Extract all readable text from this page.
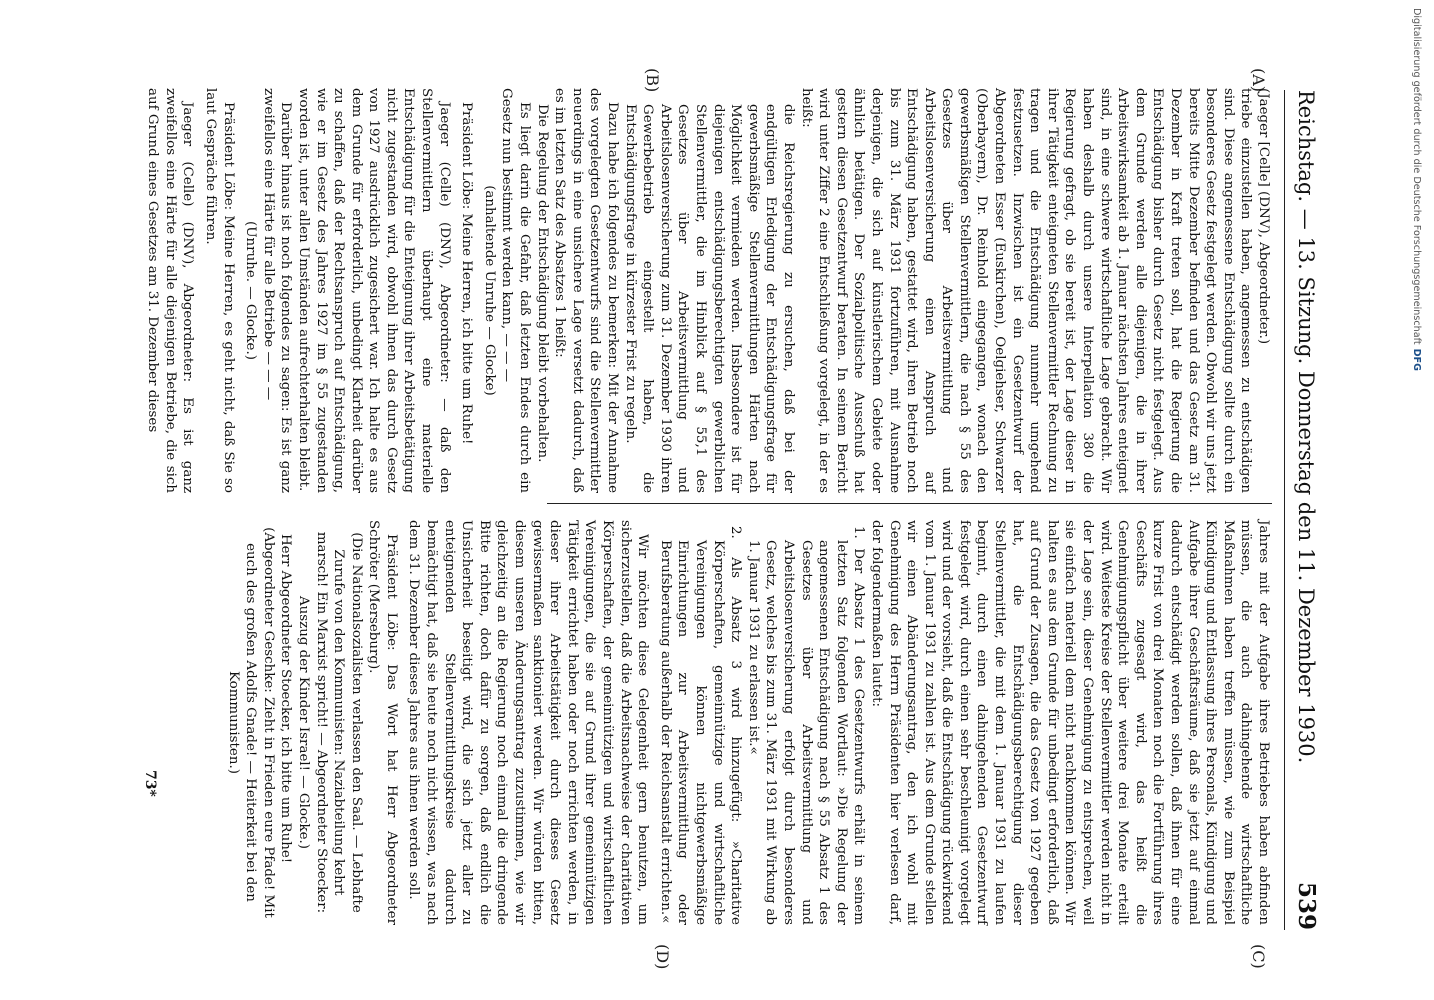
Reichstag. — 13. Sitzung. Donnerstag den 11. Dezember 1930.
539
(A)
(B)
(C)
(D)

(Jaeger [Celle] (DNV), Abgeordneter.)

triebe einzustellen haben, angemessen zu entschädigen sind. Diese angemessene Entschädigung sollte durch ein besonderes Gesetz festgelegt werden. Obwohl wir uns jetzt bereits Mitte Dezember befinden und das Gesetz am 31. Dezember in Kraft treten soll, hat die Regierung die Entschädigung bisher durch Gesetz nicht festgelegt. Aus dem Grunde werden alle diejenigen, die in ihrer Arbeitswirksamkeit ab 1. Januar nächsten Jahres enteignet sind, in eine schwere wirtschaftliche Lage gebracht. Wir haben deshalb durch unsere Interpellation 380 die Regierung gefragt, ob sie bereit ist, der Lage dieser in ihrer Tätigkeit enteigneten Stellenvermittler Rechnung zu tragen und die Entschädigung nunmehr umgehend festzusetzen. Inzwischen ist ein Gesetzentwurf der Abgeordneten Esser (Euskirchen), Oelgiehser, Schwarzer (Oberbayern), Dr. Reinhold eingegangen, wonach den gewerbsmäßigen Stellenvermittlern, die nach § 55 des Gesetzes über Arbeitsvermittlung und Arbeitslosenversicherung einen Anspruch auf Entschädigung haben, gestattet wird, ihren Betrieb noch bis zum 31. März 1931 fortzuführen, mit Ausnahme derjenigen, die sich auf künstlerischem Gebiete oder ähnlich betätigen. Der Sozialpolitische Ausschuß hat gestern diesen Gesetzentwurf beraten. In seinem Bericht wird unter Ziffer 2 eine Entschließung vorgelegt, in der es heißt:

die Reichsregierung zu ersuchen, daß bei der endgültigen Erledigung der Entschädigungsfrage für gewerbsmäßige Stellenvermittlungen Härten nach Möglichkeit vermieden werden. Insbesondere ist für diejenigen entschädigungsberechtigten gewerblichen Stellenvermittler, die im Hinblick auf § 55,1 des Gesetzes über Arbeitsvermittlung und Arbeitslosenversicherung zum 31. Dezember 1930 ihren Gewerbebetrieb eingestellt haben, die Entschädigungsfrage in kürzester Frist zu regeln.

Dazu habe ich folgendes zu bemerken: Mit der Annahme des vorgelegten Gesetzentwurfs sind die Stellenvermittler neuerdings in eine unsichere Lage versetzt dadurch, daß es im letzten Satz des Absatzes 1 heißt:

Die Regelung der Entschädigung bleibt vorbehalten.

Es liegt darin die Gefahr, daß letzten Endes durch ein Gesetz nun bestimmt werden kann, — — —

(anhaltende Unruhe — Glocke)

Präsident Löbe: Meine Herren, ich bitte um Ruhe!

Jaeger (Celle) (DNV), Abgeordneter: — daß den Stellenvermittlern überhaupt eine materielle Entschädigung für die Enteignung ihrer Arbeitsbetätigung nicht zugestanden wird, obwohl ihnen das durch Gesetz von 1927 ausdrücklich zugesichert war. Ich halte es aus dem Grunde für erforderlich, unbedingt Klarheit darüber zu schaffen, daß der Rechtsanspruch auf Entschädigung, wie er im Gesetz des Jahres 1927 im § 55 zugestanden worden ist, unter allen Umständen aufrechterhalten bleibt.

Darüber hinaus ist noch folgendes zu sagen: Es ist ganz zweifellos eine Härte für alle Betriebe — — —

(Unruhe. — Glocke.)

Präsident Löbe: Meine Herren, es geht nicht, daß Sie so laut Gespräche führen.

Jaeger (Celle) (DNV), Abgeordneter: Es ist ganz zweifellos eine Härte für alle diejenigen Betriebe, die sich auf Grund eines Gesetzes am 31. Dezember dieses

Jahres mit der Aufgabe ihres Betriebes haben abfinden müssen, die auch dahingehende wirtschaftliche Maßnahmen haben treffen müssen, wie zum Beispiel Kündigung und Entlassung ihres Personals, Kündigung und Aufgabe ihrer Geschäftsräume, daß sie jetzt auf einmal dadurch entschädigt werden sollen, daß ihnen für eine kurze Frist von drei Monaten noch die Fortführung ihres Geschäfts zugesagt wird, das heißt die Genehmigungspflicht über weitere drei Monate erteilt wird. Weiteste Kreise der Stellenvermittler werden nicht in der Lage sein, dieser Genehmigung zu entsprechen, weil sie einfach materiell dem nicht nachkommen können. Wir halten es aus dem Grunde für unbedingt erforderlich, daß auf Grund der Zusagen, die das Gesetz von 1927 gegeben hat, die Entschädigungsberechtigung dieser Stellenvermittler, die mit dem 1. Januar 1931 zu laufen beginnt, durch einen dahingehenden Gesetzentwurf festgelegt wird, durch einen sehr beschleunigt vorgelegt wird und der vorsieht, daß die Entschädigung rückwirkend vom 1. Januar 1931 zu zahlen ist. Aus dem Grunde stellen wir einen Abänderungsantrag, den ich wohl mit Genehmigung des Herrn Präsidenten hier verlesen darf, der folgendermaßen lautet:

1. Der Absatz 1 des Gesetzentwurfs erhält in seinem letzten Satz folgenden Wortlaut: »Die Regelung der angemessenen Entschädigung nach § 55 Absatz 1 des Gesetzes über Arbeitsvermittlung und Arbeitslosenversicherung erfolgt durch besonderes Gesetz, welches bis zum 31. März 1931 mit Wirkung ab 1. Januar 1931 zu erlassen ist.«

2. Als Absatz 3 wird hinzugefügt: »Charitative Körperschaften, gemeinnützige und wirtschaftliche Vereinigungen können nichtgewerbsmäßige Einrichtungen zur Arbeitsvermittlung oder Berufsberatung außerhalb der Reichsanstalt errichten.«

Wir möchten diese Gelegenheit gern benutzen, um sicherzustellen, daß die Arbeitsnachweise der charitativen Körperschaften, der gemeinnützigen und wirtschaftlichen Vereinigungen, die sie auf Grund ihrer gemeinnützigen Tätigkeit errichtet haben oder noch errichten werden, in dieser ihrer Arbeitstätigkeit durch dieses Gesetz gewissermaßen sanktioniert werden. Wir würden bitten, diesem unseren Änderungsantrag zuzustimmen, wie wir gleichzeitig an die Regierung noch einmal die dringende Bitte richten, doch dafür zu sorgen, daß endlich die Unsicherheit beseitigt wird, die sich jetzt aller zu enteignenden Stellenvermittlungskreise dadurch bemächtigt hat, daß sie heute noch nicht wissen, was nach dem 31. Dezember dieses Jahres aus ihnen werden soll.

Präsident Löbe: Das Wort hat Herr Abgeordneter Schröter (Merseburg).

(Die Nationalsozialisten verlassen den Saal. — Lebhafte Zurufe von den Kommunisten: Naziabteilung kehrt marsch! Ein Marxist spricht! — Abgeordneter Stoecker: Auszug der Kinder Israel! — Glocke.)

Herr Abgeordneter Stoecker, ich bitte um Ruhe!

(Abgeordneter Geschke: Zieht in Frieden eure Pfade! Mit euch des großen Adolfs Gnade! — Heiterkeit bei den Kommunisten.)

73*
Digitalisierung gefördert durch die Deutsche ForschungsgemeinschaftDFG
